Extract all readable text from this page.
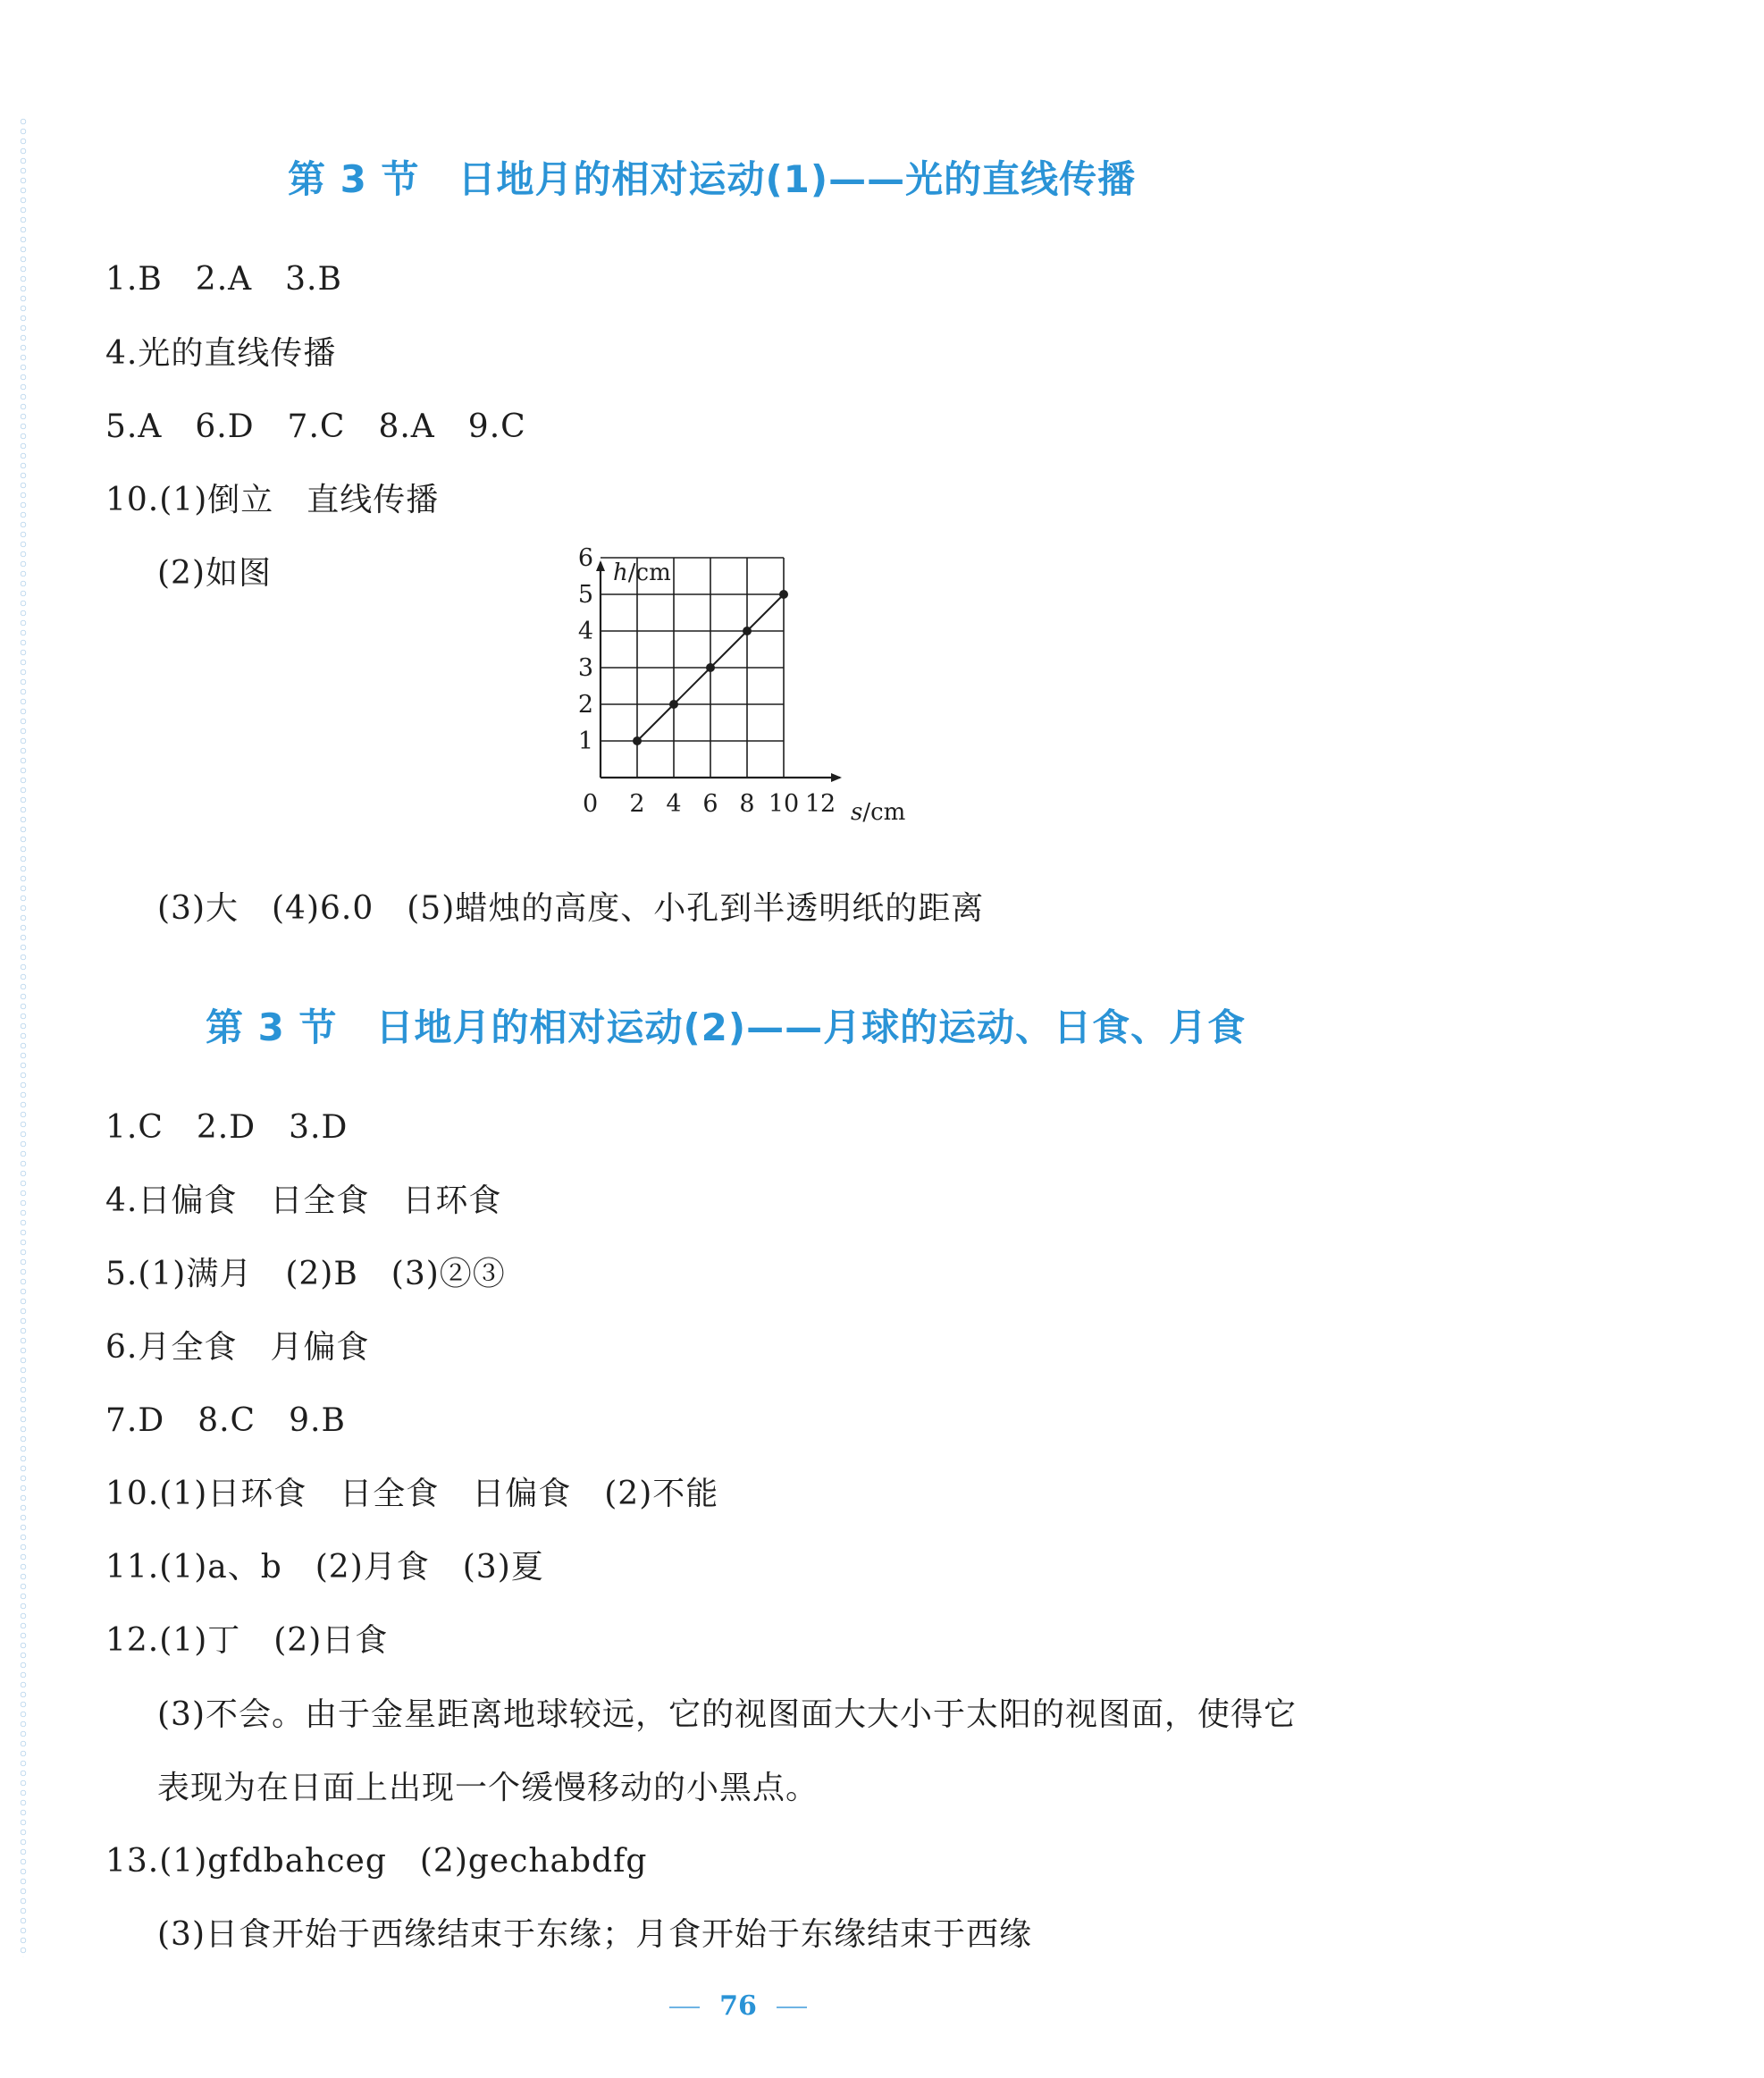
第 3 节　日地月的相对运动(1)——光的直线传播
1.B　2.A　3.B
4.光的直线传播
5.A　6.D　7.C　8.A　9.C
10.(1)倒立　直线传播
(2)如图
0 2 4 6 8 10 12
1
2
3
4
5
6
h/cm
s/cm
(3)大　(4)6.0　(5)蜡烛的高度、小孔到半透明纸的距离
第 3 节　日地月的相对运动(2)——月球的运动、日食、月食
1.C　2.D　3.D
4.日偏食　日全食　日环食
5.(1)满月　(2)B　(3)②③
6.月全食　月偏食
7.D　8.C　9.B
10.(1)日环食　日全食　日偏食　(2)不能
11.(1)a、b　(2)月食　(3)夏
12.(1)丁　(2)日食
(3)不会。由于金星距离地球较远，它的视图面大大小于太阳的视图面，使得它
表现为在日面上出现一个缓慢移动的小黑点。
13.(1)gfdbahceg　(2)gechabdfg
(3)日食开始于西缘结束于东缘；月食开始于东缘结束于西缘
76
